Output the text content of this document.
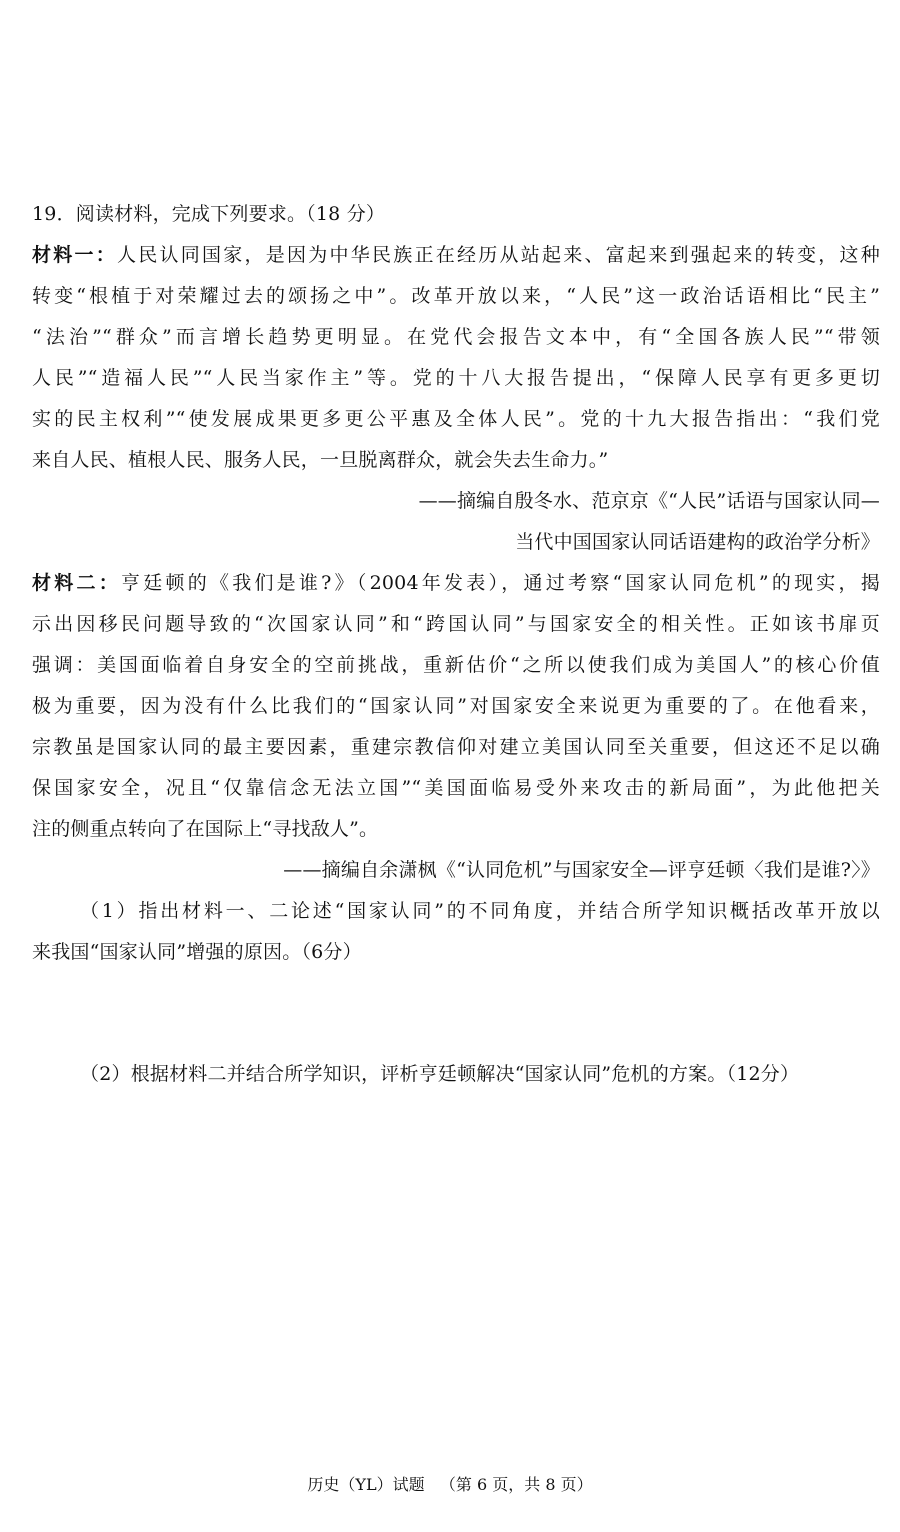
19．阅读材料，完成下列要求。（18 分）
材料一：人民认同国家，是因为中华民族正在经历从站起来、富起来到强起来的转变，这种
转变“根植于对荣耀过去的颂扬之中”。改革开放以来，“人民”这一政治话语相比“民主”
“法治”“群众”而言增长趋势更明显。在党代会报告文本中，有“全国各族人民”“带领
人民”“造福人民”“人民当家作主”等。党的十八大报告提出，“保障人民享有更多更切
实的民主权利”“使发展成果更多更公平惠及全体人民”。党的十九大报告指出：“我们党
来自人民、植根人民、服务人民，一旦脱离群众，就会失去生命力。”
——摘编自殷冬水、范京京《“人民”话语与国家认同—
当代中国国家认同话语建构的政治学分析》
材料二：亨廷顿的《我们是谁?》（2004年发表），通过考察“国家认同危机”的现实，揭
示出因移民问题导致的“次国家认同”和“跨国认同”与国家安全的相关性。正如该书扉页
强调：美国面临着自身安全的空前挑战，重新估价“之所以使我们成为美国人”的核心价值
极为重要，因为没有什么比我们的“国家认同”对国家安全来说更为重要的了。在他看来，
宗教虽是国家认同的最主要因素，重建宗教信仰对建立美国认同至关重要，但这还不足以确
保国家安全，况且“仅靠信念无法立国”“美国面临易受外来攻击的新局面”，为此他把关
注的侧重点转向了在国际上“寻找敌人”。
——摘编自余潇枫《“认同危机”与国家安全—评亨廷顿〈我们是谁?〉》
（1）指出材料一、二论述“国家认同”的不同角度，并结合所学知识概括改革开放以
来我国“国家认同”增强的原因。（6分）
（2）根据材料二并结合所学知识，评析亨廷顿解决“国家认同”危机的方案。（12分）
历史（YL）试题 （第 6 页，共 8 页）
